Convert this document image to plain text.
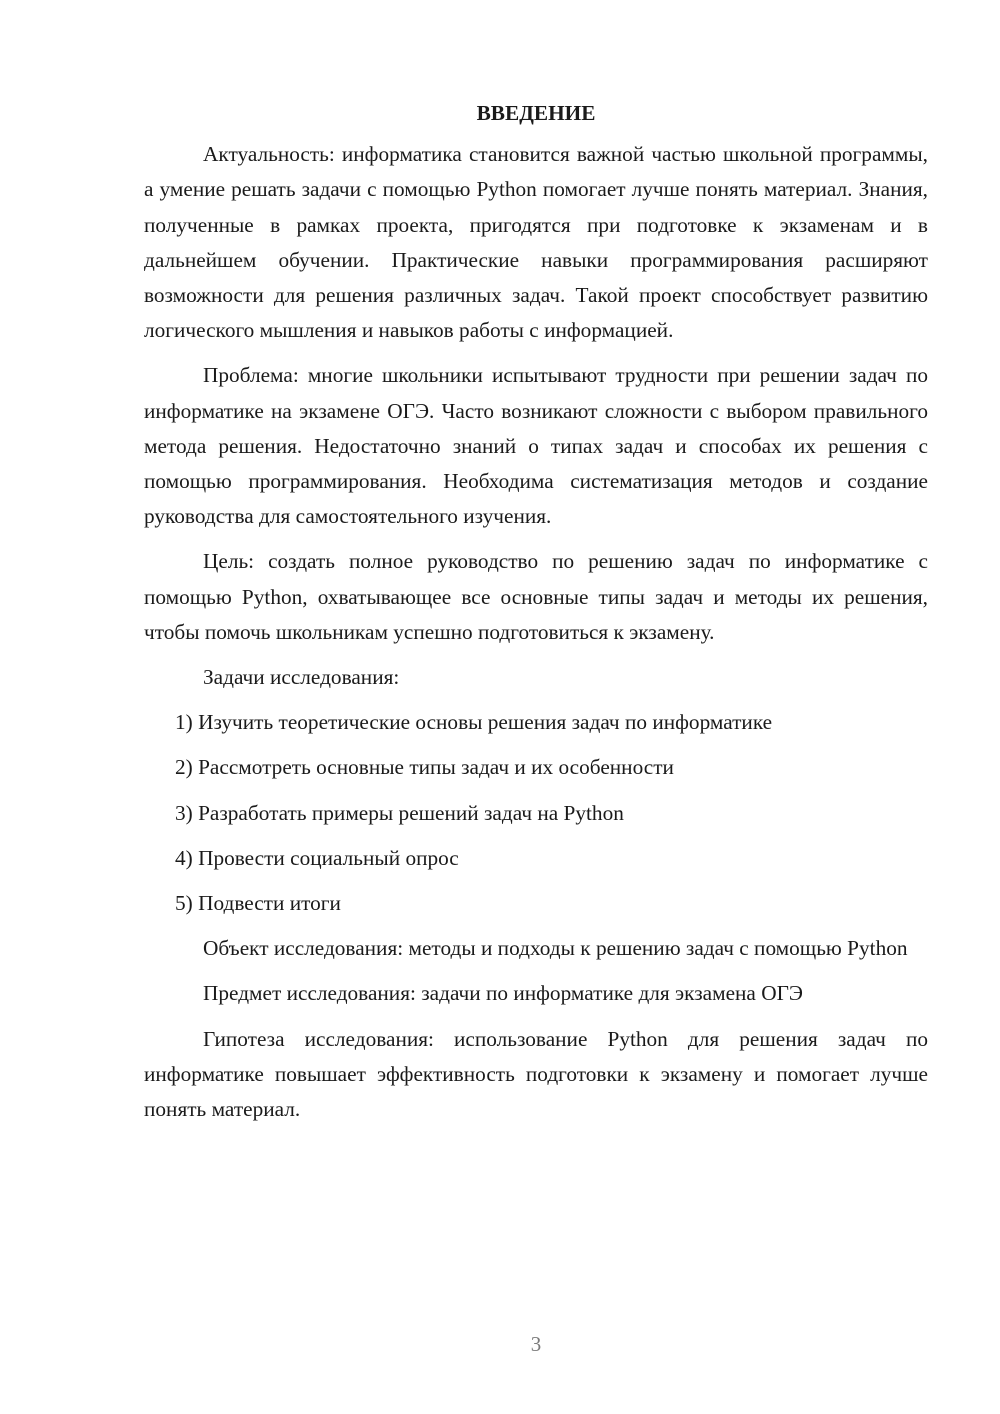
ВВЕДЕНИЕ

Актуальность: информатика становится важной частью школьной программы, а умение решать задачи с помощью Python помогает лучше понять материал. Знания, полученные в рамках проекта, пригодятся при подготовке к экзаменам и в дальнейшем обучении. Практические навыки программирования расширяют возможности для решения различных задач. Такой проект способствует развитию логического мышления и навыков работы с информацией.

Проблема: многие школьники испытывают трудности при решении задач по информатике на экзамене ОГЭ. Часто возникают сложности с выбором правильного метода решения. Недостаточно знаний о типах задач и способах их решения с помощью программирования. Необходима систематизация методов и создание руководства для самостоятельного изучения.

Цель: создать полное руководство по решению задач по информатике с помощью Python, охватывающее все основные типы задач и методы их решения, чтобы помочь школьникам успешно подготовиться к экзамену.

Задачи исследования:

1) Изучить теоретические основы решения задач по информатике

2) Рассмотреть основные типы задач и их особенности

3) Разработать примеры решений задач на Python

4) Провести социальный опрос

5) Подвести итоги

Объект исследования: методы и подходы к решению задач с помощью Python

Предмет исследования: задачи по информатике для экзамена ОГЭ

Гипотеза исследования: использование Python для решения задач по информатике повышает эффективность подготовки к экзамену и помогает лучше понять материал.

3
